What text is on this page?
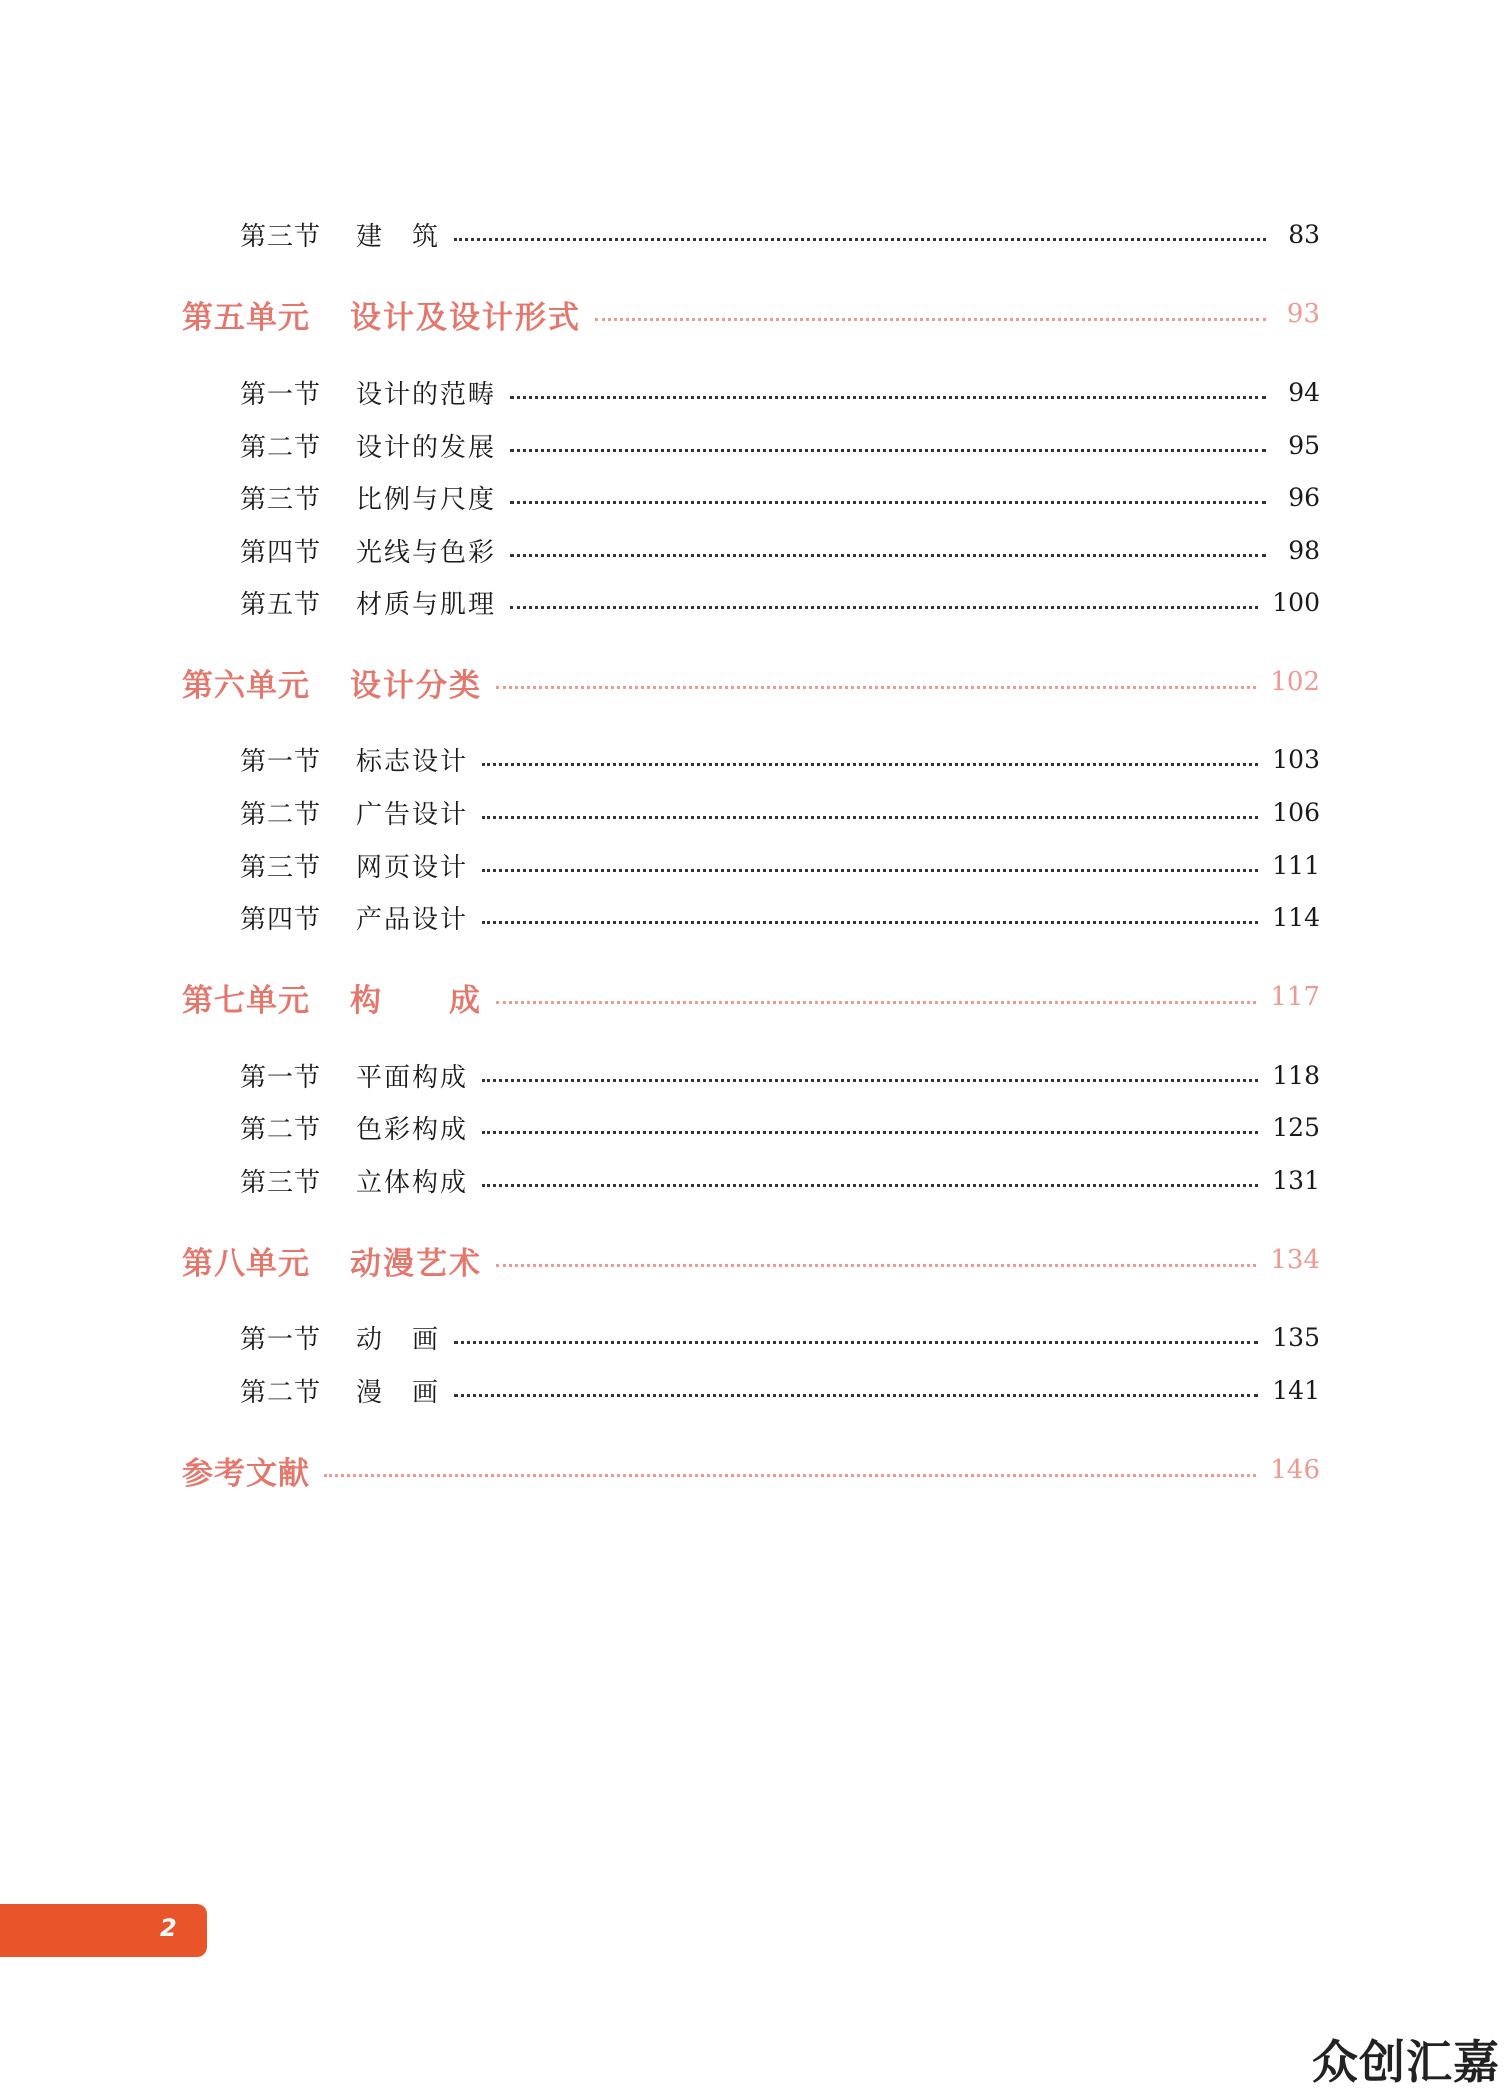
第三节	建　筑	83
第五单元	设计及设计形式	93
第一节	设计的范畴	94
第二节	设计的发展	95
第三节	比例与尺度	96
第四节	光线与色彩	98
第五节	材质与肌理	100
第六单元	设计分类	102
第一节	标志设计	103
第二节	广告设计	106
第三节	网页设计	111
第四节	产品设计	114
第七单元	构　　成	117
第一节	平面构成	118
第二节	色彩构成	125
第三节	立体构成	131
第八单元	动漫艺术	134
第一节	动　画	135
第二节	漫　画	141
参考文献	146
2
众创汇嘉
